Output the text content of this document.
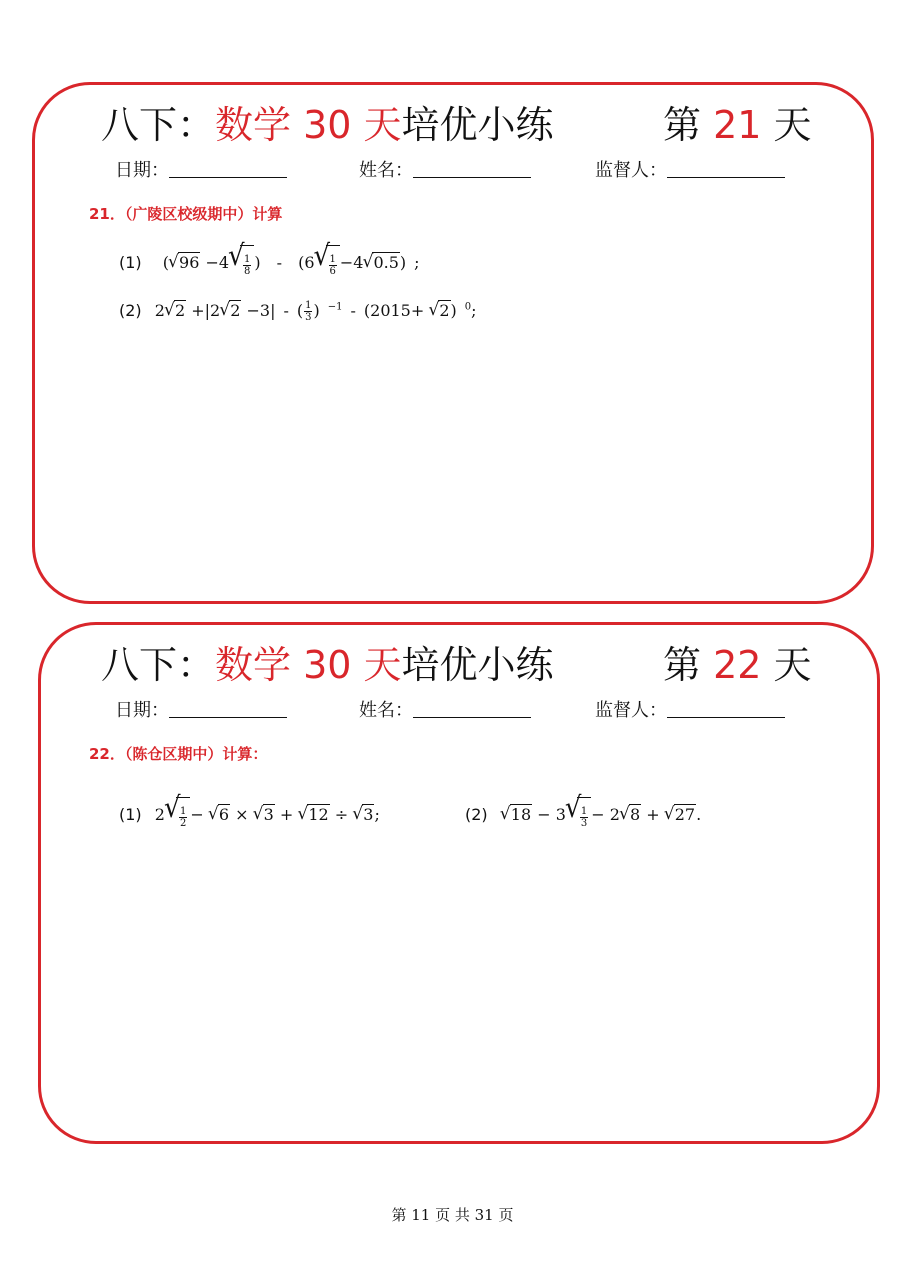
八下：数学 30 天培优小练	第 21 天
日期：	姓名：	监督人：
21．（广陵区校级期中）计算
(1)  (√ 96 −4
√ $\frac{1}{8}$ ) - (6
√ $\frac{1}{6} -4√$ 0.5) ;
(2) 2√ 2 +|2√ 2 −3| - ( $\frac{1}{3}$ ) $^{-1}$ - (2015+ √ 2) $^0$;
八下：数学 30 天培优小练	第 22 天
日期：	姓名：	监督人：
22．（陈仓区期中）计算：
(1) 2
√ $\frac{1}{2}$ − √ 6 × √ 3 + √ 12 ÷ √ 3;	(2) √ 18 − 3
√ $\frac{1}{3} - 2√$ 8 + √ 27.
第 11 页 共 31 页
